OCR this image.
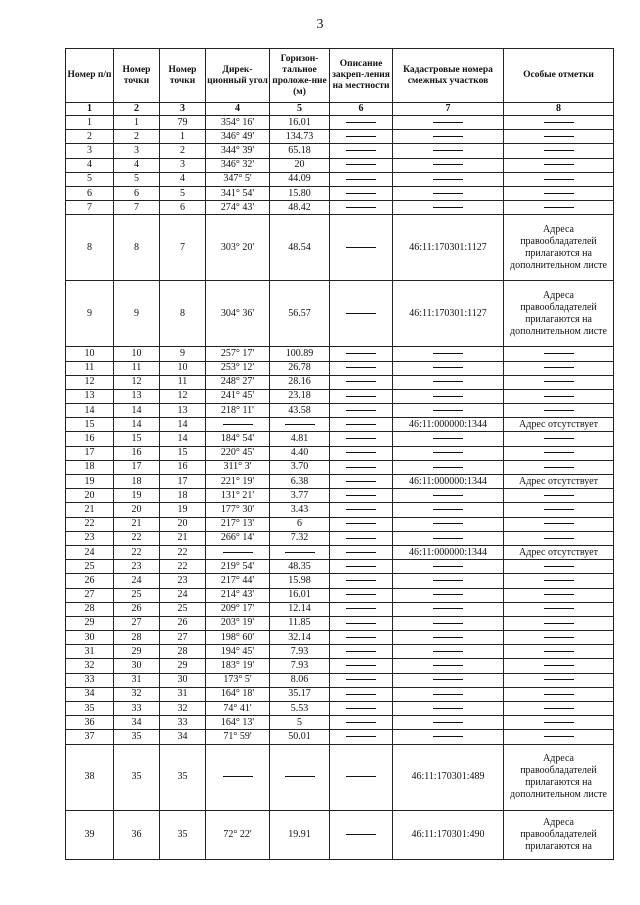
3
Номер п/п	Номер точки	Номер точки	Дирек-ционный угол	Горизон-тальное проложе-ние (м)	Описание закреп-ления на местности	Кадастровые номера смежных участков	Особые отметки
1	2	3	4	5	6	7	8
1	1	79	354° 16'	16.01			
2	2	1	346° 49'	134.73			
3	3	2	344° 39'	65.18			
4	4	3	346° 32'	20			
5	5	4	347° 5'	44.09			
6	6	5	341° 54'	15.80			
7	7	6	274° 43'	48.42			
8	8	7	303° 20'	48.54		46:11:170301:1127	Адреса правообладателей прилагаются на дополнительном листе
9	9	8	304° 36'	56.57		46:11:170301:1127	Адреса правообладателей прилагаются на дополнительном листе
10	10	9	257° 17'	100.89			
11	11	10	253° 12'	26.78			
12	12	11	248° 27'	28.16			
13	13	12	241° 45'	23.18			
14	14	13	218° 11'	43.58			
15	14	14				46:11:000000:1344	Адрес отсутствует
16	15	14	184° 54'	4.81			
17	16	15	220° 45'	4.40			
18	17	16	311° 3'	3.70			
19	18	17	221° 19'	6.38		46:11:000000:1344	Адрес отсутствует
20	19	18	131° 21'	3.77			
21	20	19	177° 30'	3.43			
22	21	20	217° 13'	6			
23	22	21	266° 14'	7.32			
24	22	22				46:11:000000:1344	Адрес отсутствует
25	23	22	219° 54'	48.35			
26	24	23	217° 44'	15.98			
27	25	24	214° 43'	16.01			
28	26	25	209° 17'	12.14			
29	27	26	203° 19'	11.85			
30	28	27	198° 60'	32.14			
31	29	28	194° 45'	7.93			
32	30	29	183° 19'	7.93			
33	31	30	173° 5'	8.06			
34	32	31	164° 18'	35.17			
35	33	32	74° 41'	5.53			
36	34	33	164° 13'	5			
37	35	34	71° 59'	50.01			
38	35	35				46:11:170301:489	Адреса правообладателей прилагаются на дополнительном листе
39	36	35	72° 22'	19.91		46:11:170301:490	Адреса правообладателей прилагаются на
